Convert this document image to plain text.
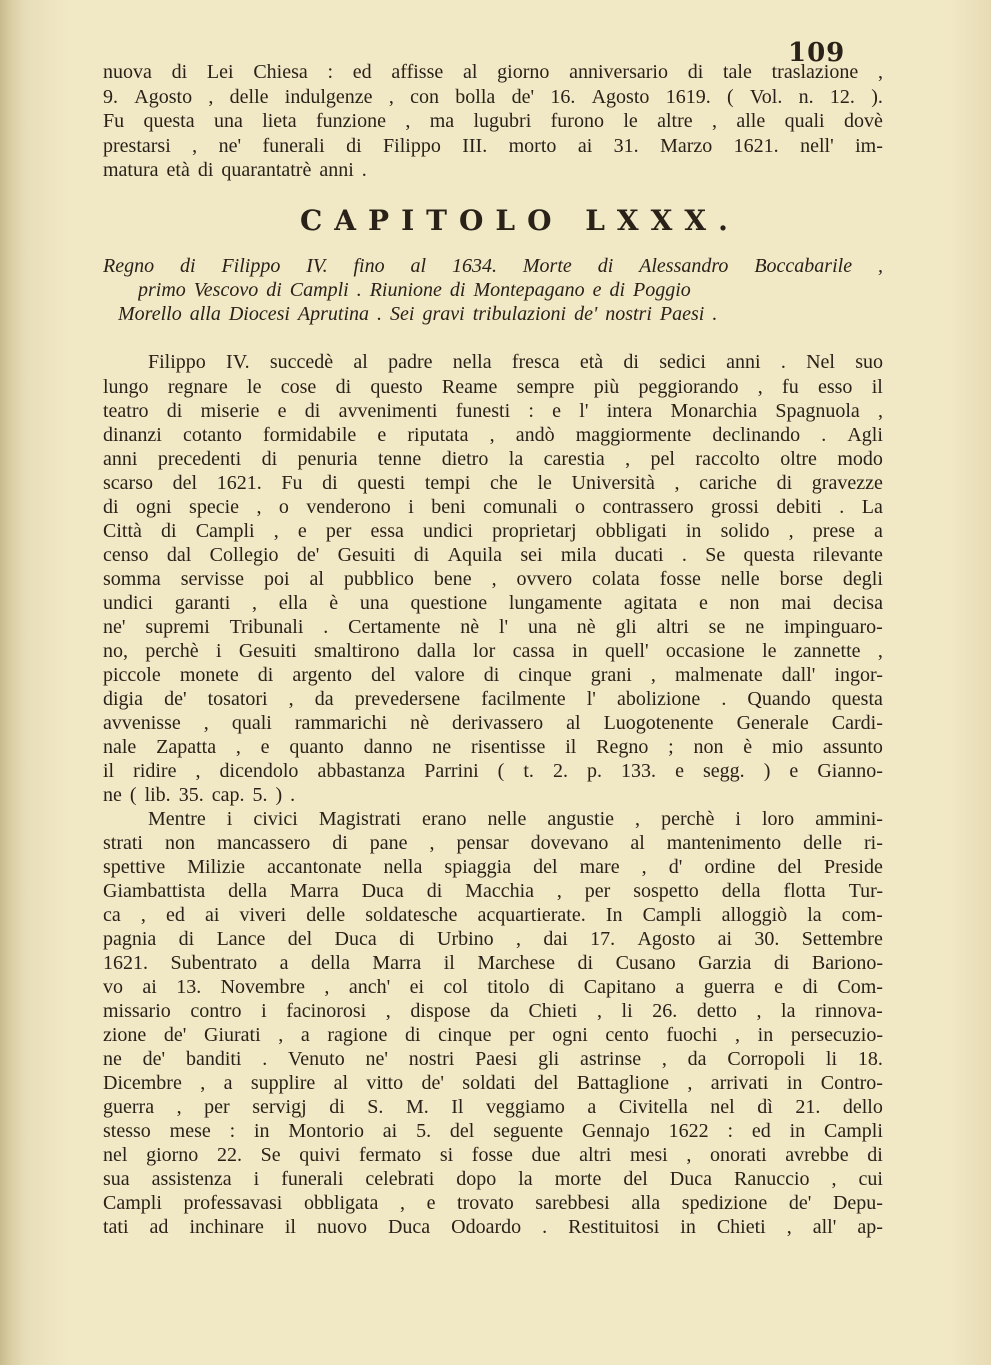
109
nuova di Lei Chiesa : ed affisse al giorno anniversario di tale traslazione ,
9. Agosto , delle indulgenze , con bolla de' 16. Agosto 1619. ( Vol. n. 12. ).
Fu questa una lieta funzione , ma lugubri furono le altre , alle quali dovè
prestarsi , ne' funerali di Filippo III. morto ai 31. Marzo 1621. nell' im-
matura età di quarantatrè anni .
CAPITOLO LXXX.
Regno di Filippo IV. fino al 1634. Morte di Alessandro Boccabarile ,
primo Vescovo di Campli . Riunione di Montepagano e di Poggio
Morello alla Diocesi Aprutina . Sei gravi tribulazioni de' nostri Paesi .
Filippo IV. succedè al padre nella fresca età di sedici anni . Nel suo
lungo regnare le cose di questo Reame sempre più peggiorando , fu esso il
teatro di miserie e di avvenimenti funesti : e l' intera Monarchia Spagnuola ,
dinanzi cotanto formidabile e riputata , andò maggiormente declinando . Agli
anni precedenti di penuria tenne dietro la carestia , pel raccolto oltre modo
scarso del 1621. Fu di questi tempi che le Università , cariche di gravezze
di ogni specie , o venderono i beni comunali o contrassero grossi debiti . La
Città di Campli , e per essa undici proprietarj obbligati in solido , prese a
censo dal Collegio de' Gesuiti di Aquila sei mila ducati . Se questa rilevante
somma servisse poi al pubblico bene , ovvero colata fosse nelle borse degli
undici garanti , ella è una questione lungamente agitata e non mai decisa
ne' supremi Tribunali . Certamente nè l' una nè gli altri se ne impinguaro-
no, perchè i Gesuiti smaltirono dalla lor cassa in quell' occasione le zannette ,
piccole monete di argento del valore di cinque grani , malmenate dall' ingor-
digia de' tosatori , da prevedersene facilmente l' abolizione . Quando questa
avvenisse , quali rammarichi nè derivassero al Luogotenente Generale Cardi-
nale Zapatta , e quanto danno ne risentisse il Regno ; non è mio assunto
il ridire , dicendolo abbastanza Parrini ( t. 2. p. 133. e segg. ) e Gianno-
ne ( lib. 35. cap. 5. ) .
Mentre i civici Magistrati erano nelle angustie , perchè i loro ammini-
strati non mancassero di pane , pensar dovevano al mantenimento delle ri-
spettive Milizie accantonate nella spiaggia del mare , d' ordine del Preside
Giambattista della Marra Duca di Macchia , per sospetto della flotta Tur-
ca , ed ai viveri delle soldatesche acquartierate. In Campli alloggiò la com-
pagnia di Lance del Duca di Urbino , dai 17. Agosto ai 30. Settembre
1621. Subentrato a della Marra il Marchese di Cusano Garzia di Bariono-
vo ai 13. Novembre , anch' ei col titolo di Capitano a guerra e di Com-
missario contro i facinorosi , dispose da Chieti , li 26. detto , la rinnova-
zione de' Giurati , a ragione di cinque per ogni cento fuochi , in persecuzio-
ne de' banditi . Venuto ne' nostri Paesi gli astrinse , da Corropoli li 18.
Dicembre , a supplire al vitto de' soldati del Battaglione , arrivati in Contro-
guerra , per servigj di S. M. Il veggiamo a Civitella nel dì 21. dello
stesso mese : in Montorio ai 5. del seguente Gennajo 1622 : ed in Campli
nel giorno 22. Se quivi fermato si fosse due altri mesi , onorati avrebbe di
sua assistenza i funerali celebrati dopo la morte del Duca Ranuccio , cui
Campli professavasi obbligata , e trovato sarebbesi alla spedizione de' Depu-
tati ad inchinare il nuovo Duca Odoardo . Restituitosi in Chieti , all' ap-
